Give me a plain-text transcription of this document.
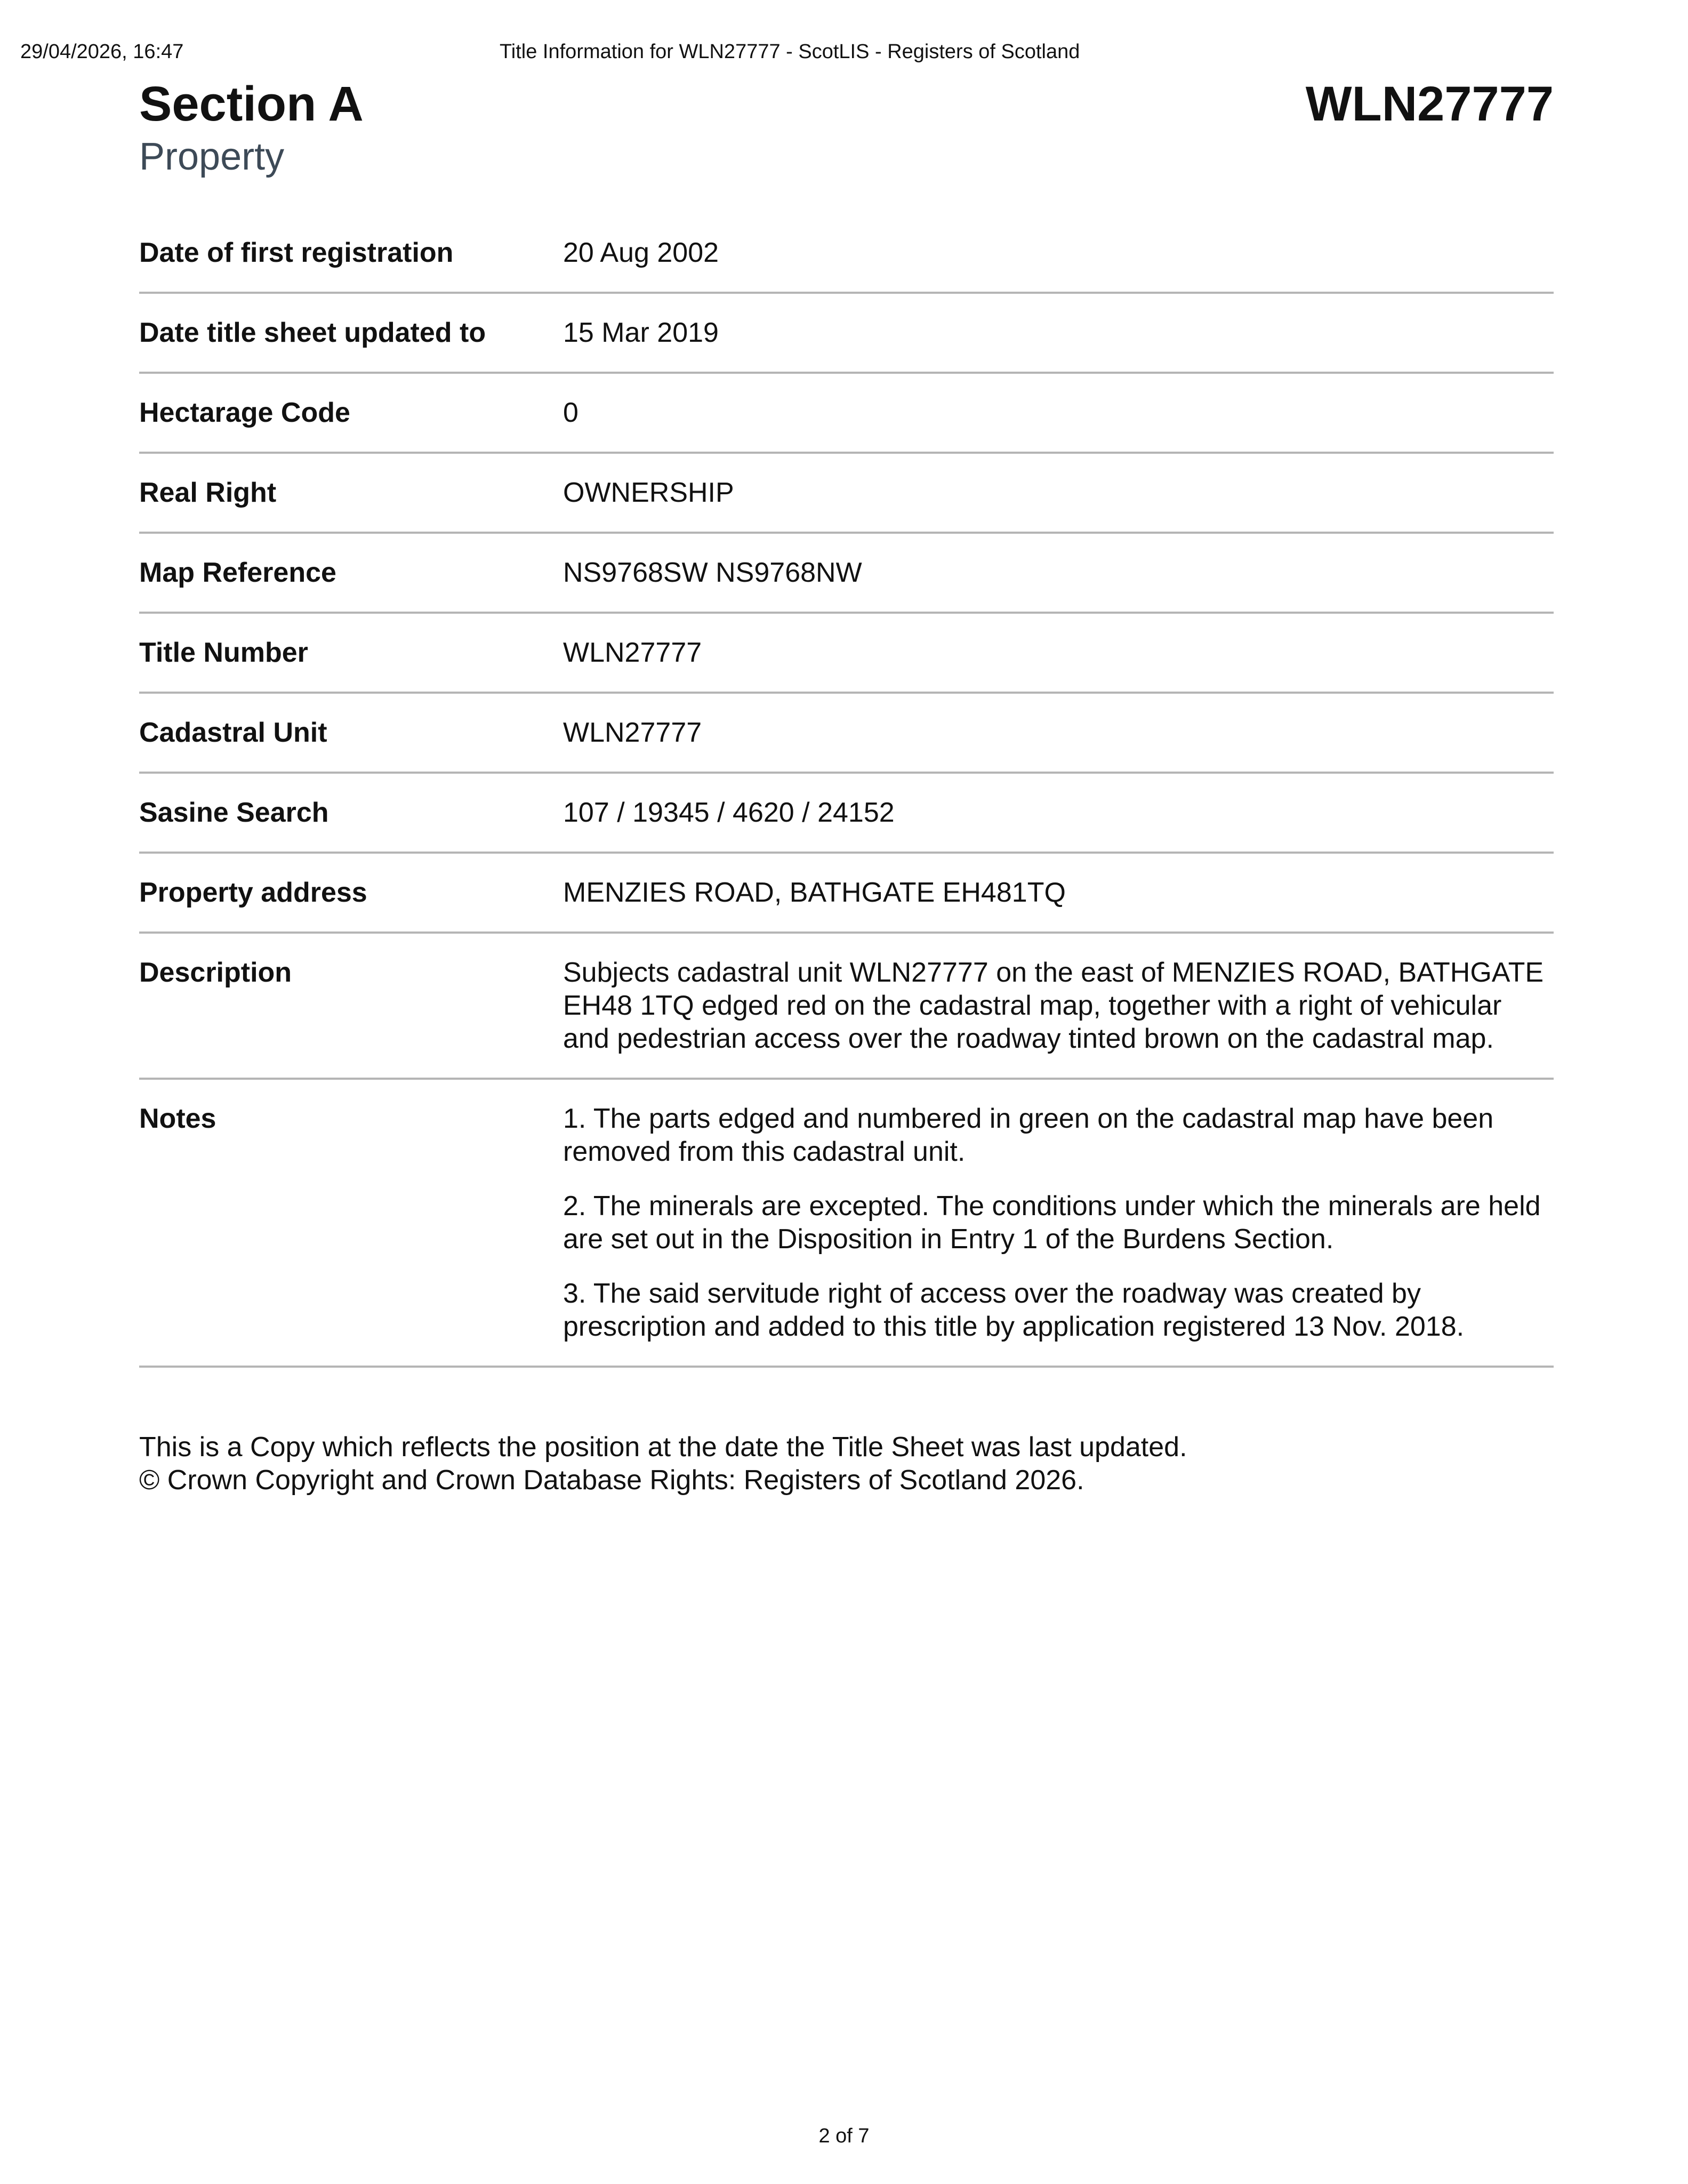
29/04/2026, 16:47	Title Information for WLN27777 - ScotLIS - Registers of Scotland
Section A
Property
WLN27777
Date of first registration	20 Aug 2002
Date title sheet updated to	15 Mar 2019
Hectarage Code	0
Real Right	OWNERSHIP
Map Reference	NS9768SW NS9768NW
Title Number	WLN27777
Cadastral Unit	WLN27777
Sasine Search	107 / 19345 / 4620 / 24152
Property address	MENZIES ROAD, BATHGATE EH481TQ
Description	Subjects cadastral unit WLN27777 on the east of MENZIES ROAD, BATHGATE EH48 1TQ edged red on the cadastral map, together with a right of vehicular and pedestrian access over the roadway tinted brown on the cadastral map.
Notes	1. The parts edged and numbered in green on the cadastral map have been removed from this cadastral unit.

2. The minerals are excepted. The conditions under which the minerals are held are set out in the Disposition in Entry 1 of the Burdens Section.

3. The said servitude right of access over the roadway was created by prescription and added to this title by application registered 13 Nov. 2018.

This is a Copy which reflects the position at the date the Title Sheet was last updated.
© Crown Copyright and Crown Database Rights: Registers of Scotland 2026.
2 of 7
